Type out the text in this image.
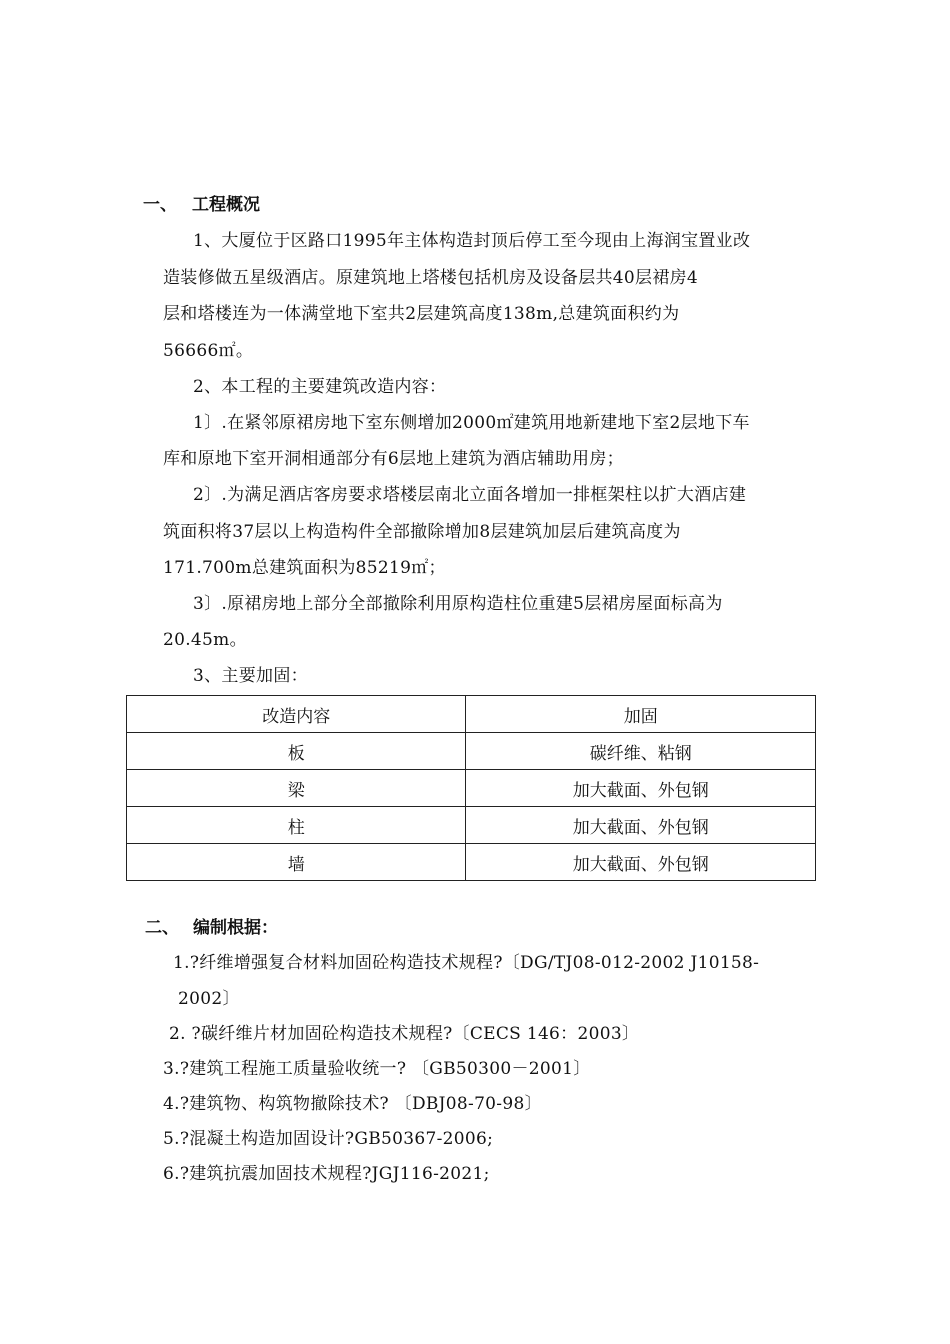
一、 工程概况
1、大厦位于区路口1995年主体构造封顶后停工至今现由上海润宝置业改
造装修做五星级酒店。原建筑地上塔楼包括机房及设备层共40层裙房4
层和塔楼连为一体满堂地下室共2层建筑高度138m,总建筑面积约为
56666㎡。
2、本工程的主要建筑改造内容：
1〕.在紧邻原裙房地下室东侧增加2000㎡建筑用地新建地下室2层地下车
库和原地下室开洞相通部分有6层地上建筑为酒店辅助用房；
2〕.为满足酒店客房要求塔楼层南北立面各增加一排框架柱以扩大酒店建
筑面积将37层以上构造构件全部撤除增加8层建筑加层后建筑高度为
171.700m总建筑面积为85219㎡；
3〕.原裙房地上部分全部撤除利用原构造柱位重建5层裙房屋面标高为
20.45m。
3、主要加固：
改造内容	加固
板	碳纤维、粘钢
梁	加大截面、外包钢
柱	加大截面、外包钢
墙	加大截面、外包钢
二、 编制根据：
1.?纤维增强复合材料加固砼构造技术规程?〔DG/TJ08-012-2002 J10158-
2002〕
2. ?碳纤维片材加固砼构造技术规程?〔CECS 146：2003〕
3.?建筑工程施工质量验收统一? 〔GB50300－2001〕
4.?建筑物、构筑物撤除技术? 〔DBJ08-70-98〕
5.?混凝土构造加固设计?GB50367-2006;
6.?建筑抗震加固技术规程?JGJ116-2021;
